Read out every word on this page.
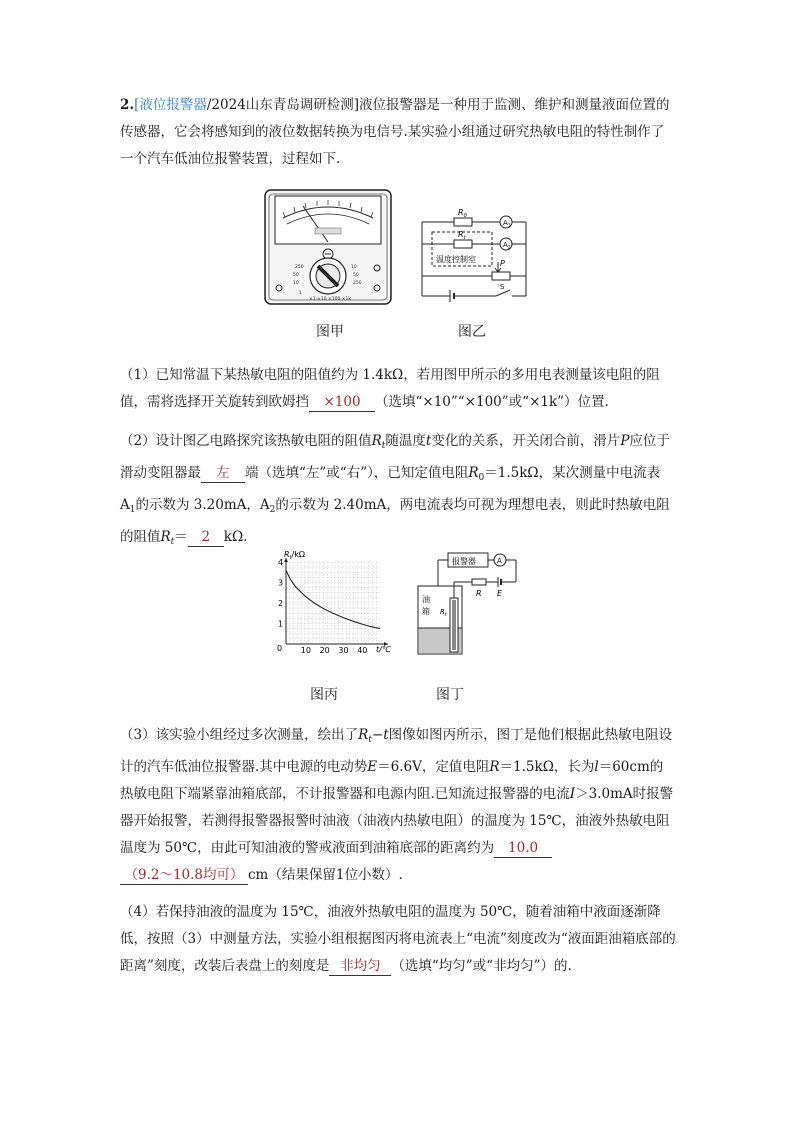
2.[液位报警器/2024山东青岛调研检测]液位报警器是一种用于监测、维护和测量液面位置的传感器，它会将感知到的液位数据转换为电信号.某实验小组通过研究热敏电阻的特性制作了一个汽车低油位报警装置，过程如下.
250
50
10
1
10
50
250
×1 ×10 ×100 ×1k
$R_0$
$R_t$
$A_1$
$A_2$
温度控制室	P
S
图甲	图乙
（1）已知常温下某热敏电阻的阻值约为 1.4kΩ，若用图甲所示的多用电表测量该电阻的阻值，需将选择开关旋转到欧姆挡 ×100 （选填“×10”“×100”或“×1k”）位置.
（2）设计图乙电路探究该热敏电阻的阻值$R_t$随温度t变化的关系，开关闭合前，滑片P应位于滑动变阻器最 左 端（选填“左”或“右”），已知定值电阻$R_0=1.5k\Omega$，某次测量中电流表 $A_1$的示数为 3.20mA，$A_2$的示数为 2.40mA，两电流表均可视为理想电表，则此时热敏电阻的阻值$R_t= 2$ kΩ.
10 20 30 40
1
2
3
4
$R_t/k\Omega$
t/℃
0
报警器	A
R E
油
箱 $R_t$
图丙	图丁
（3）该实验小组经过多次测量，绘出了$R_t-t$图像如图丙所示，图丁是他们根据此热敏电阻设计的汽车低油位报警器.其中电源的电动势E＝6.6V，定值电阻R＝1.5kΩ，长为l＝60cm的热敏电阻下端紧靠油箱底部，不计报警器和电源内阻.已知流过报警器的电流I＞3.0mA时报警器开始报警，若测得报警器报警时油液（油液内热敏电阻）的温度为 15℃，油液外热敏电阻温度为 50℃，由此可知油液的警戒液面到油箱底部的距离约为 10.0（9.2～10.8均可） cm（结果保留1位小数）.
（4）若保持油液的温度为 15℃，油液外热敏电阻的温度为 50℃，随着油箱中液面逐渐降低，按照（3）中测量方法，实验小组根据图丙将电流表上“电流”刻度改为“液面距油箱底部的距离”刻度，改装后表盘上的刻度是 非均匀 （选填“均匀”或“非均匀”）的.
